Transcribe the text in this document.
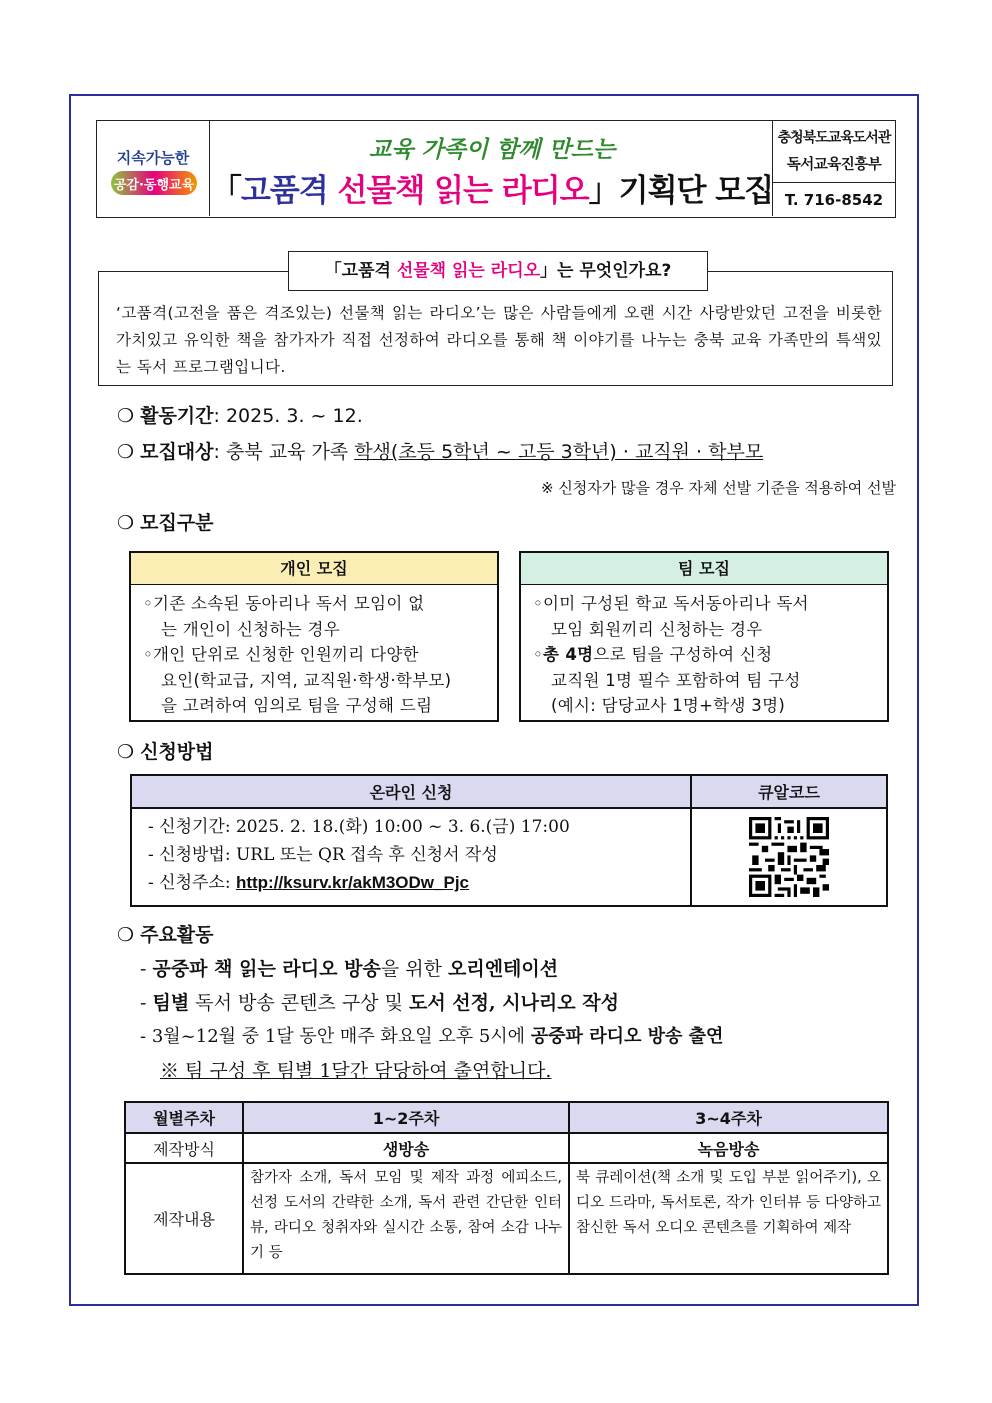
지속가능한
공감·동행교육
교육 가족이 함께 만드는
「고품격 선물책 읽는 라디오」기획단 모집
충청북도교육도서관
독서교육진흥부
T. 716-8542
「고품격 선물책 읽는 라디오」는 무엇인가요?
‘고품격(고전을 품은 격조있는) 선물책 읽는 라디오’는 많은 사람들에게 오랜 시간 사랑받았던 고전을 비롯한 가치있고 유익한 책을 참가자가 직접 선정하여 라디오를 통해 책 이야기를 나누는 충북 교육 가족만의 특색있는 독서 프로그램입니다.
❍ 활동기간: 2025. 3. ~ 12.
❍ 모집대상: 충북 교육 가족 학생(초등 5학년 ~ 고등 3학년) · 교직원 · 학부모
※ 신청자가 많을 경우 자체 선발 기준을 적용하여 선발
❍ 모집구분
개인 모집
◦기존 소속된 동아리나 독서 모임이 없
는 개인이 신청하는 경우
◦개인 단위로 신청한 인원끼리 다양한
요인(학교급, 지역, 교직원·학생·학부모)
을 고려하여 임의로 팀을 구성해 드림
팀 모집
◦이미 구성된 학교 독서동아리나 독서
모임 회원끼리 신청하는 경우
◦총 4명으로 팀을 구성하여 신청
교직원 1명 필수 포함하여 팀 구성
(예시: 담당교사 1명+학생 3명)
❍ 신청방법
온라인 신청	큐알코드

- 신청기간: 2025. 2. 18.(화) 10:00 ~ 3. 6.(금) 17:00
- 신청방법: URL 또는 QR 접속 후 신청서 작성
- 신청주소: http://ksurv.kr/akM3ODw_Pjc

❍ 주요활동
- 공중파 책 읽는 라디오 방송을 위한 오리엔테이션
- 팀별 독서 방송 콘텐츠 구상 및 도서 선정, 시나리오 작성
- 3월~12월 중 1달 동안 매주 화요일 오후 5시에 공중파 라디오 방송 출연
※ 팀 구성 후 팀별 1달간 담당하여 출연합니다.
월별주차	1~2주차	3~4주차
제작방식	생방송	녹음방송
제작내용	참가자 소개, 독서 모임 및 제작 과정 에피소드, 선정 도서의 간략한 소개, 독서 관련 간단한 인터뷰, 라디오 청취자와 실시간 소통, 참여 소감 나누기 등	북 큐레이션(책 소개 및 도입 부분 읽어주기), 오디오 드라마, 독서토론, 작가 인터뷰 등 다양하고 참신한 독서 오디오 콘텐츠를 기획하여 제작
